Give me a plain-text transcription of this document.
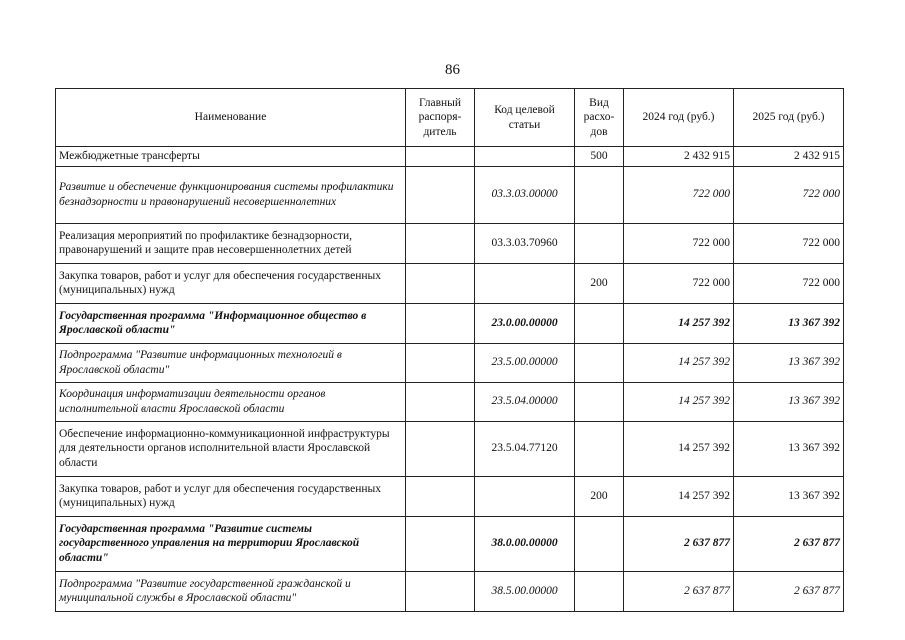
86
Наименование	Главный распоря-дитель	Код целевой статьи	Вид расхо-дов	2024 год (руб.)	2025 год (руб.)
Межбюджетные трансферты			500	2 432 915	2 432 915
Развитие и обеспечение функционирования системы профилактики безнадзорности и правонарушений несовершеннолетних		03.3.03.00000		722 000	722 000
Реализация мероприятий по профилактике безнадзорности, правонарушений и защите прав несовершеннолетних детей		03.3.03.70960		722 000	722 000
Закупка товаров, работ и услуг для обеспечения государственных (муниципальных) нужд			200	722 000	722 000
Государственная программа "Информационное общество в Ярославской области"		23.0.00.00000		14 257 392	13 367 392
Подпрограмма "Развитие информационных технологий в Ярославской области"		23.5.00.00000		14 257 392	13 367 392
Координация информатизации деятельности органов исполнительной власти Ярославской области		23.5.04.00000		14 257 392	13 367 392
Обеспечение информационно-коммуникационной инфраструктуры для деятельности органов исполнительной власти Ярославской области		23.5.04.77120		14 257 392	13 367 392
Закупка товаров, работ и услуг для обеспечения государственных (муниципальных) нужд			200	14 257 392	13 367 392
Государственная программа "Развитие системы государственного управления на территории Ярославской области"		38.0.00.00000		2 637 877	2 637 877
Подпрограмма "Развитие государственной гражданской и муниципальной службы в Ярославской области"		38.5.00.00000		2 637 877	2 637 877
